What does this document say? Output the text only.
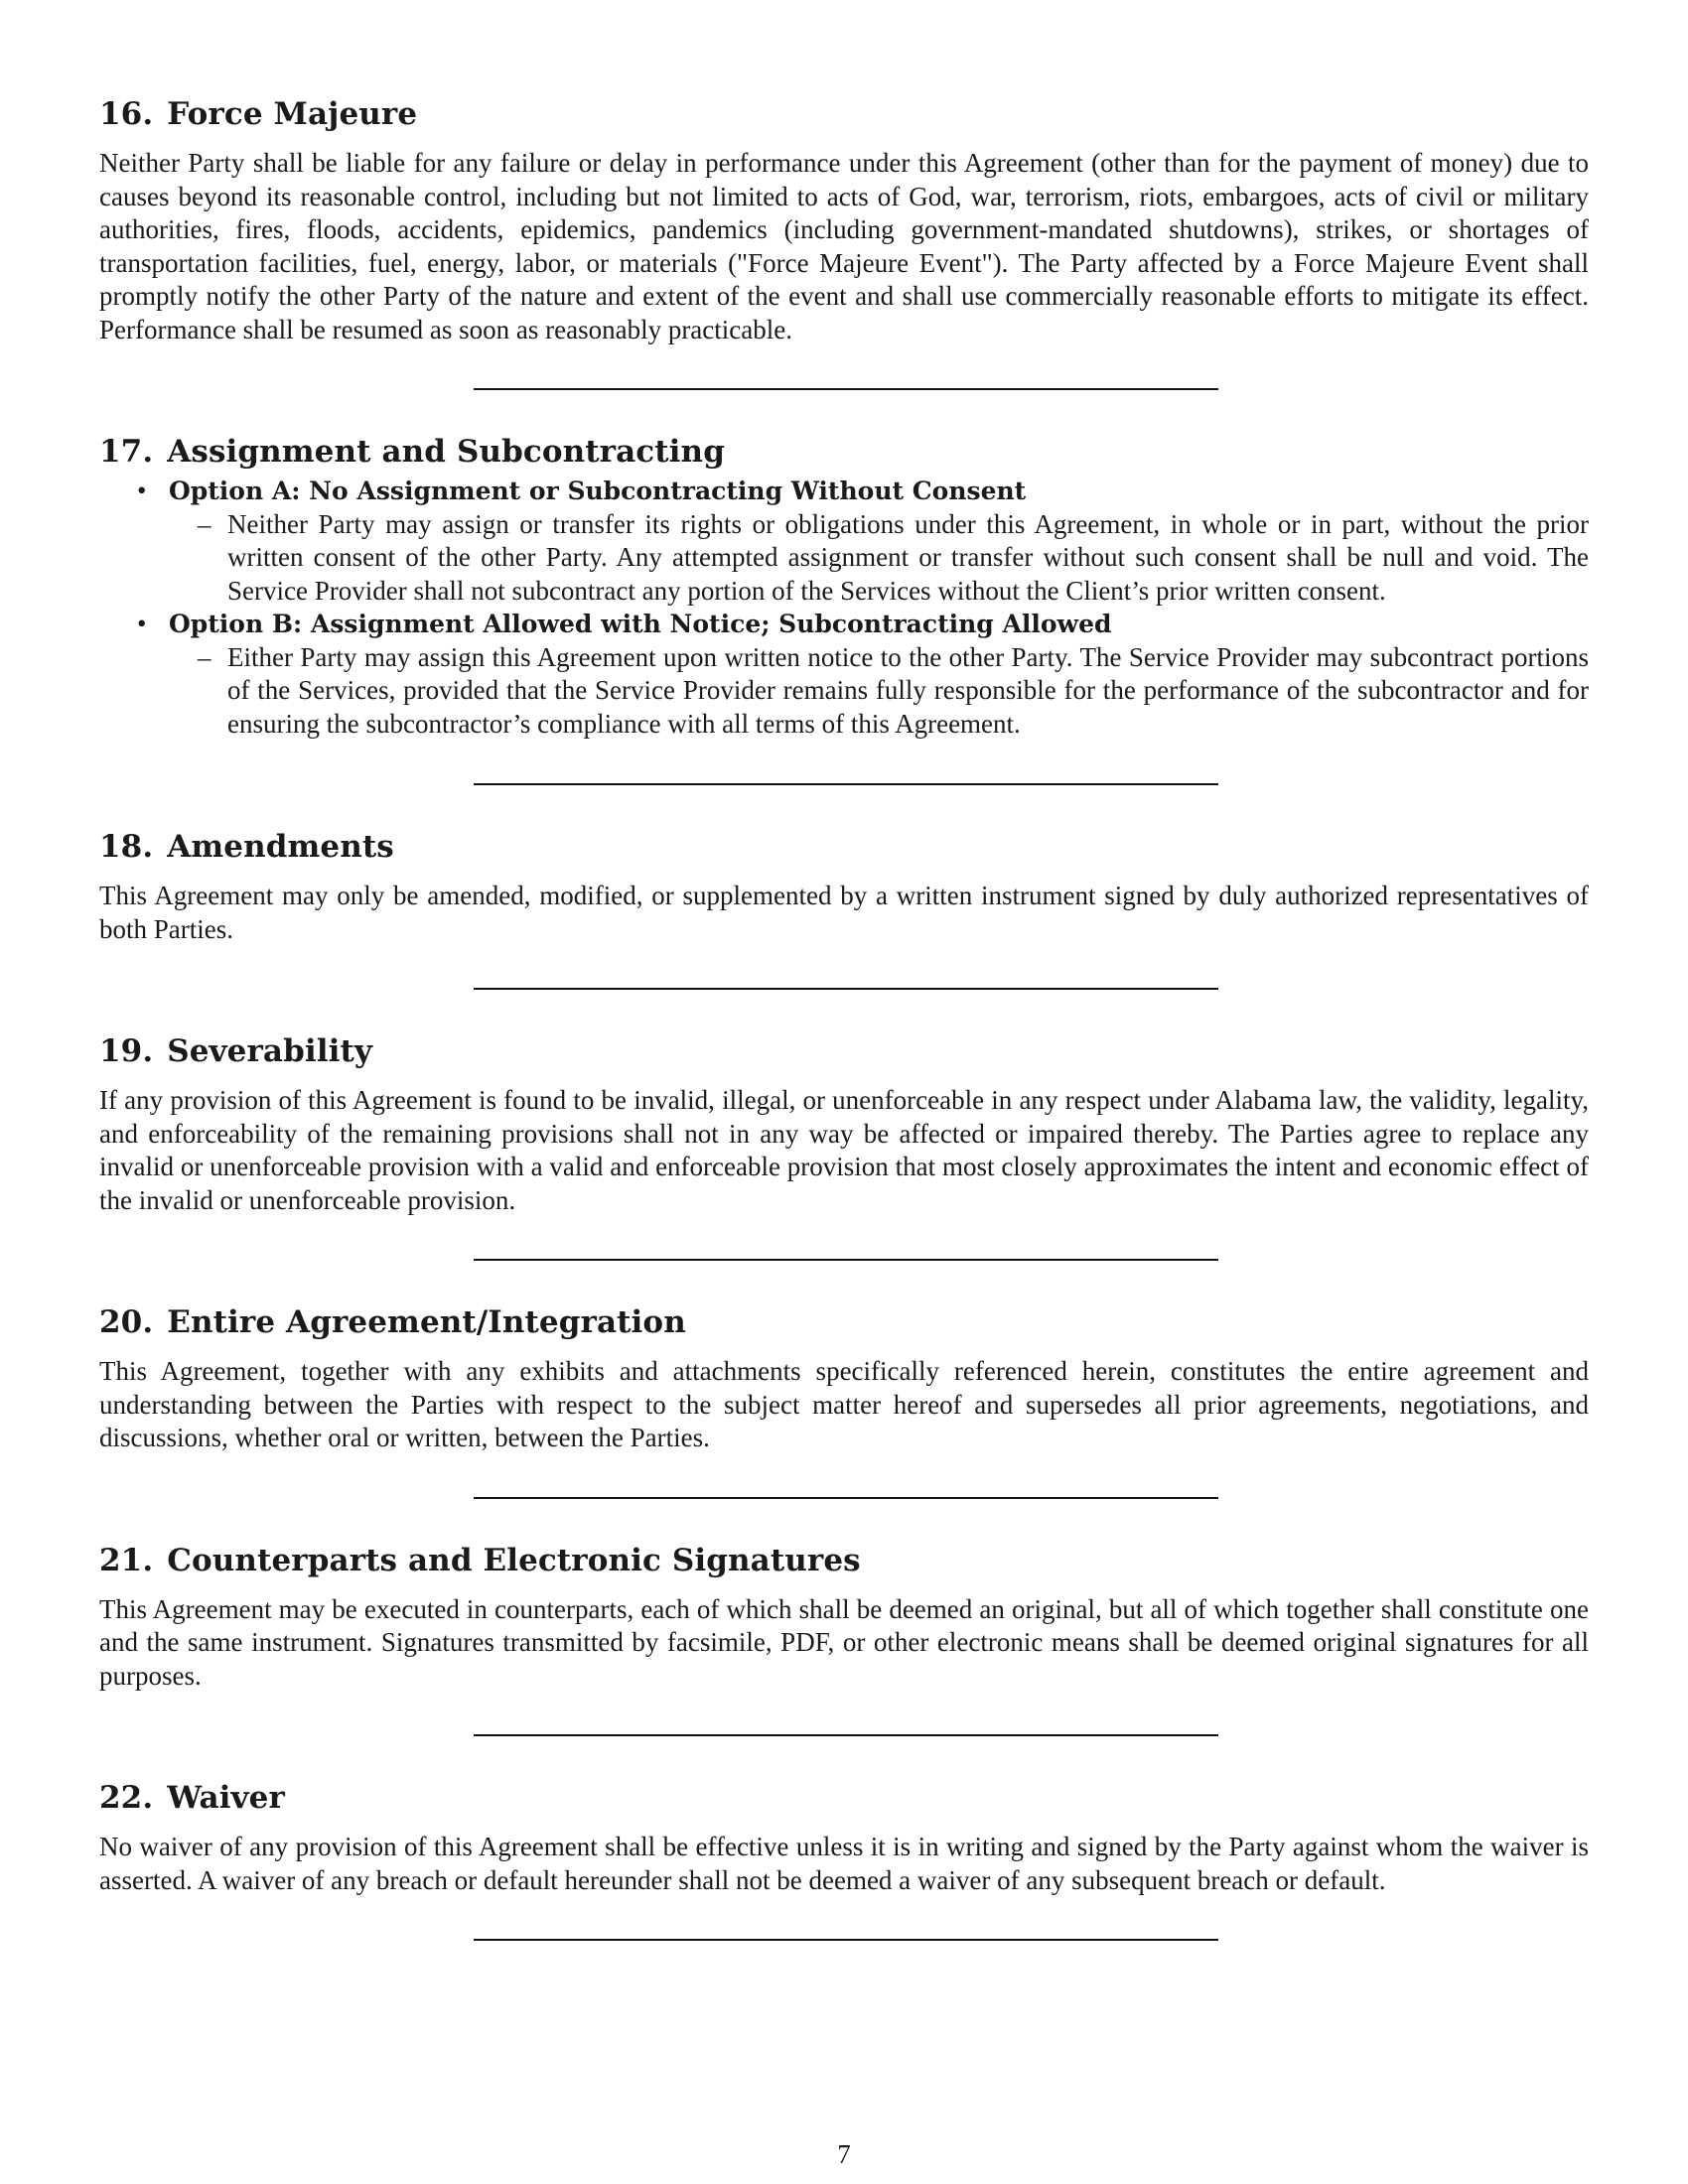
16. Force Majeure

Neither Party shall be liable for any failure or delay in performance under this Agreement (other than for the payment of money) due to causes beyond its reasonable control, including but not limited to acts of God, war, terrorism, riots, embargoes, acts of civil or military authorities, fires, floods, accidents, epidemics, pandemics (including government-mandated shutdowns), strikes, or shortages of transportation facilities, fuel, energy, labor, or materials ("Force Majeure Event"). The Party affected by a Force Majeure Event shall promptly notify the other Party of the nature and extent of the event and shall use commercially reasonable efforts to mitigate its effect. Performance shall be resumed as soon as reasonably practicable.

17. Assignment and Subcontracting
• Option A: No Assignment or Subcontracting Without Consent

– Neither Party may assign or transfer its rights or obligations under this Agreement, in whole or in part, without the prior written consent of the other Party. Any attempted assignment or transfer without such consent shall be null and void. The Service Provider shall not subcontract any portion of the Services without the Client’s prior written consent.

• Option B: Assignment Allowed with Notice; Subcontracting Allowed

– Either Party may assign this Agreement upon written notice to the other Party. The Service Provider may subcontract portions of the Services, provided that the Service Provider remains fully responsible for the performance of the subcontractor and for ensuring the subcontractor’s compliance with all terms of this Agreement.

18. Amendments

This Agreement may only be amended, modified, or supplemented by a written instrument signed by duly authorized representatives of both Parties.

19. Severability

If any provision of this Agreement is found to be invalid, illegal, or unenforceable in any respect under Alabama law, the validity, legality, and enforceability of the remaining provisions shall not in any way be affected or impaired thereby. The Parties agree to replace any invalid or unenforceable provision with a valid and enforceable provision that most closely approximates the intent and economic effect of the invalid or unenforceable provision.

20. Entire Agreement/Integration

This Agreement, together with any exhibits and attachments specifically referenced herein, constitutes the entire agreement and understanding between the Parties with respect to the subject matter hereof and supersedes all prior agreements, negotiations, and discussions, whether oral or written, between the Parties.

21. Counterparts and Electronic Signatures

This Agreement may be executed in counterparts, each of which shall be deemed an original, but all of which together shall constitute one and the same instrument. Signatures transmitted by facsimile, PDF, or other electronic means shall be deemed original signatures for all purposes.

22. Waiver

No waiver of any provision of this Agreement shall be effective unless it is in writing and signed by the Party against whom the waiver is asserted. A waiver of any breach or default hereunder shall not be deemed a waiver of any subsequent breach or default.

7
